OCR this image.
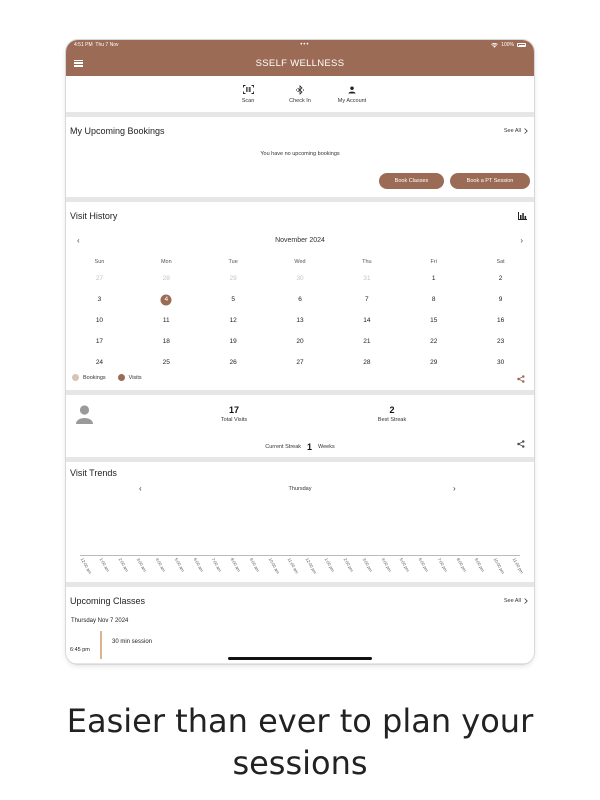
4:51 PM Thu 7 Nov	•••	100%
SSELF WELLNESS
Scan	Check In	My Account
My Upcoming Bookings	See All
You have no upcoming bookings
Book Classes	Book a PT Session
Visit History
‹	November 2024	›
Sun	Mon	Tue	Wed	Thu	Fri	Sat
27	28	29	30	31	1	2
3	4	5	6	7	8	9
10	11	12	13	14	15	16
17	18	19	20	21	22	23
24	25	26	27	28	29	30
Bookings	Visits
17
Total Visits
2
Best Streak
Current Streak 1 Weeks
Visit Trends
‹	Thursday	›
12:00 am 1:00 am 2:00 am 3:00 am 4:00 am 5:00 am 6:00 am 7:00 am 8:00 am 9:00 am 10:00 am 11:00 am 12:00 pm 1:00 pm 2:00 pm 3:00 pm 4:00 pm 5:00 pm 6:00 pm 7:00 pm 8:00 pm 9:00 pm 10:00 pm 11:00 pm
Upcoming Classes	See All
Thursday Nov 7 2024
30 min session
6:45 pm
Easier than ever to plan your
sessions
